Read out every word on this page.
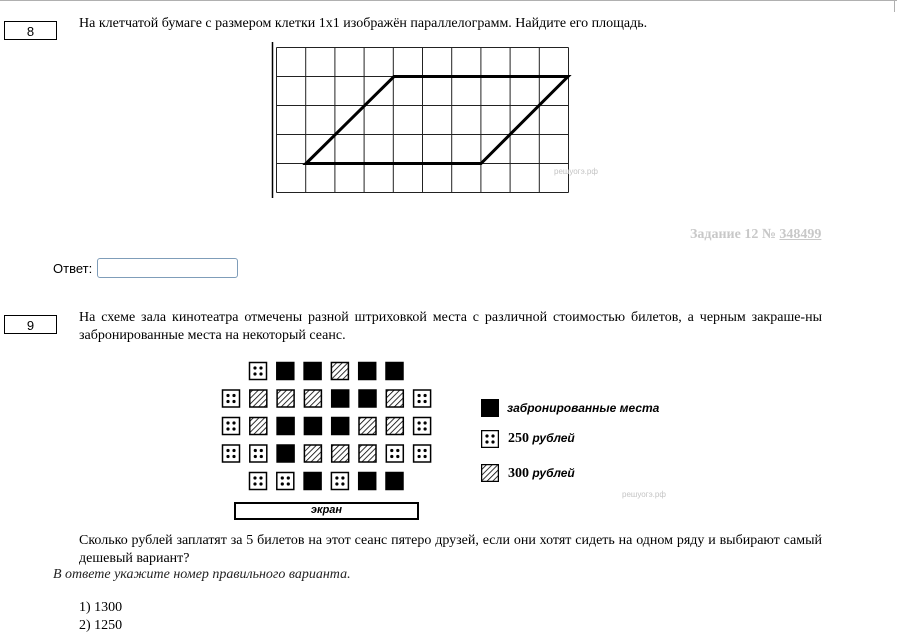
8
На клетчатой бумаге с размером клетки 1x1 изображён параллелограмм. Найдите его площадь.
решуогэ.рф
Задание 12 № 348499
Ответ:
9
На схеме зала кинотеатра отмечены разной штриховкой места с различной стоимостью билетов, а черным закраше-ны забронированные места на некоторый сеанс.
экран
решуогэ.рф
забронированные места
250 рублей
300 рублей
Сколько рублей заплатят за 5 билетов на этот сеанс пятеро друзей, если они хотят сидеть на одном ряду и выбирают самый дешевый вариант?
В ответе укажите номер правильного варианта.
1) 1300
2) 1250
